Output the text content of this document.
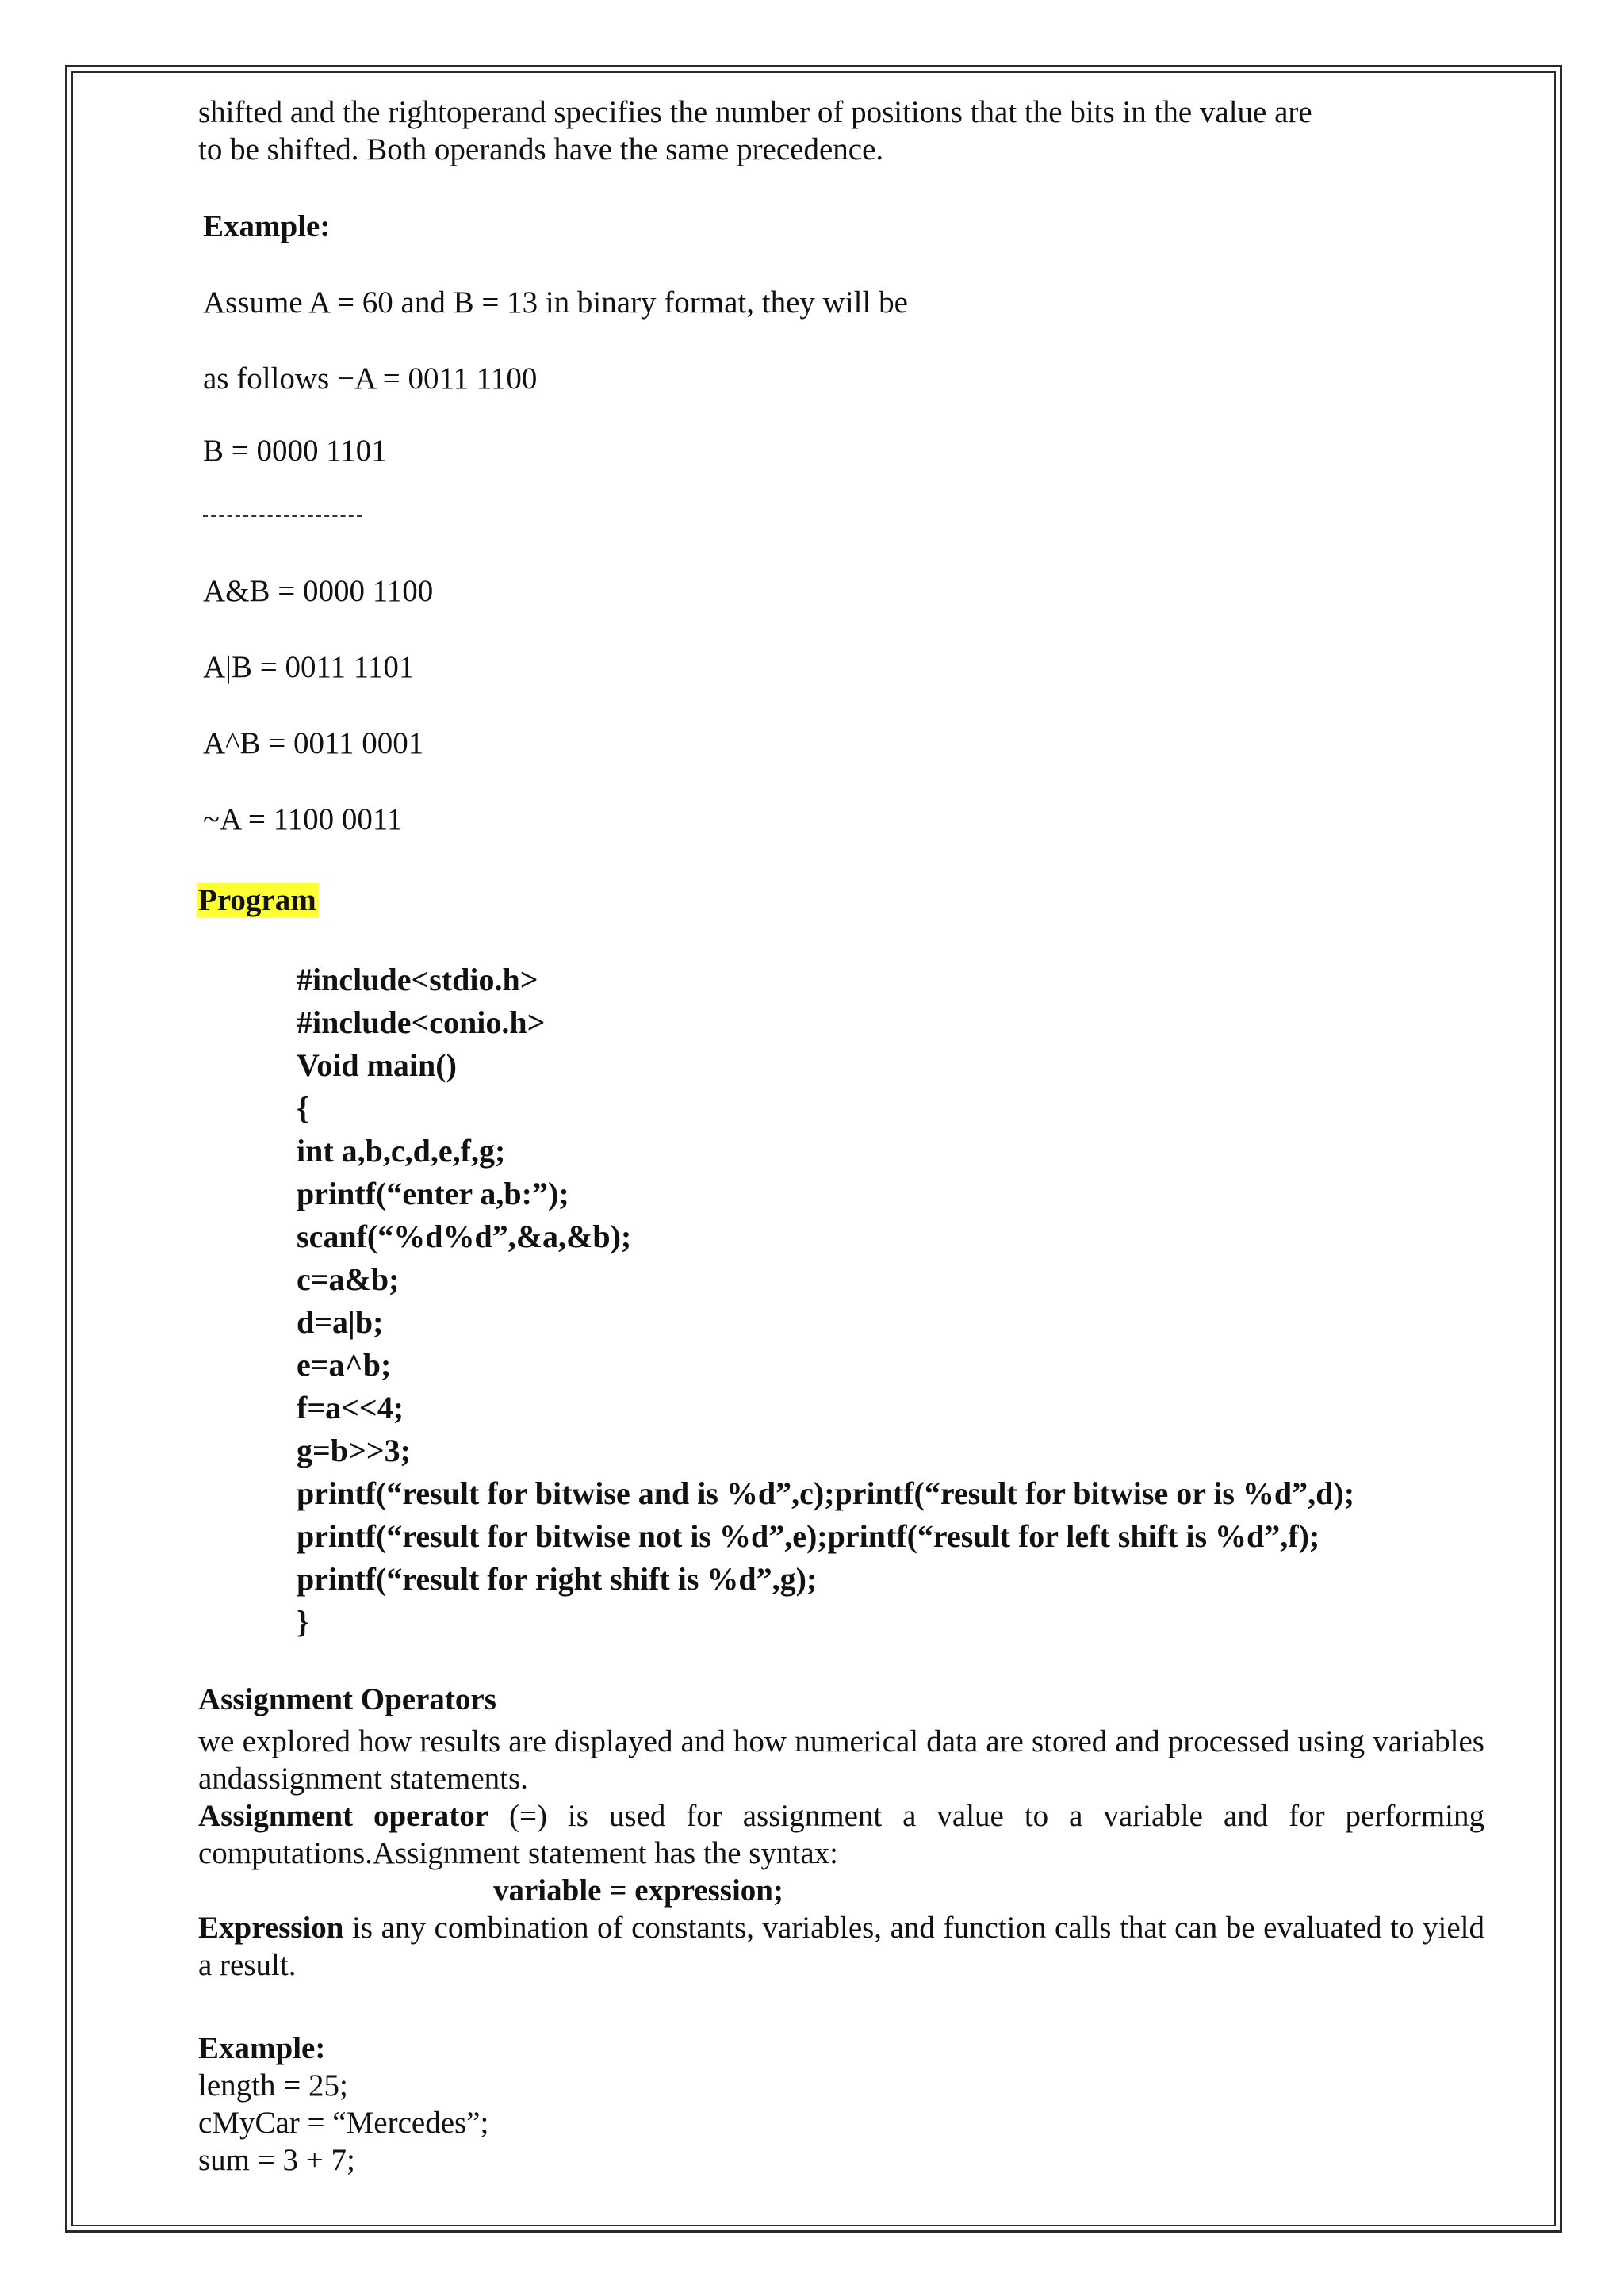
shifted and the rightoperand specifies the number of positions that the bits in the value are

to be shifted. Both operands have the same precedence.

Example:

Assume A = 60 and B = 13 in binary format, they will be

as follows −A = 0011 1100

B = 0000 1101

A&B = 0000 1100

A|B = 0011 1101

A^B = 0011 0001

~A = 1100 0011

Program

#include<stdio.h>
#include<conio.h>
Void main()
{
int a,b,c,d,e,f,g;
printf(“enter a,b:”);
scanf(“%d%d”,&a,&b);
c=a&b;
d=a|b;
e=a^b;
f=a<<4;
g=b>>3;
printf(“result for bitwise and is %d”,c);printf(“result for bitwise or is %d”,d);
printf(“result for bitwise not is %d”,e);printf(“result for left shift is %d”,f);
printf(“result for right shift is %d”,g);
}

Assignment Operators

we explored how results are displayed and how numerical data are stored and processed using variables andassignment statements.

Assignment operator (=) is used for assignment a value to a variable and for performing computations.Assignment statement has the syntax:

variable = expression;

Expression is any combination of constants, variables, and function calls that can be evaluated to yield a result.

Example:

length = 25;

cMyCar = “Mercedes”;

sum = 3 + 7;
